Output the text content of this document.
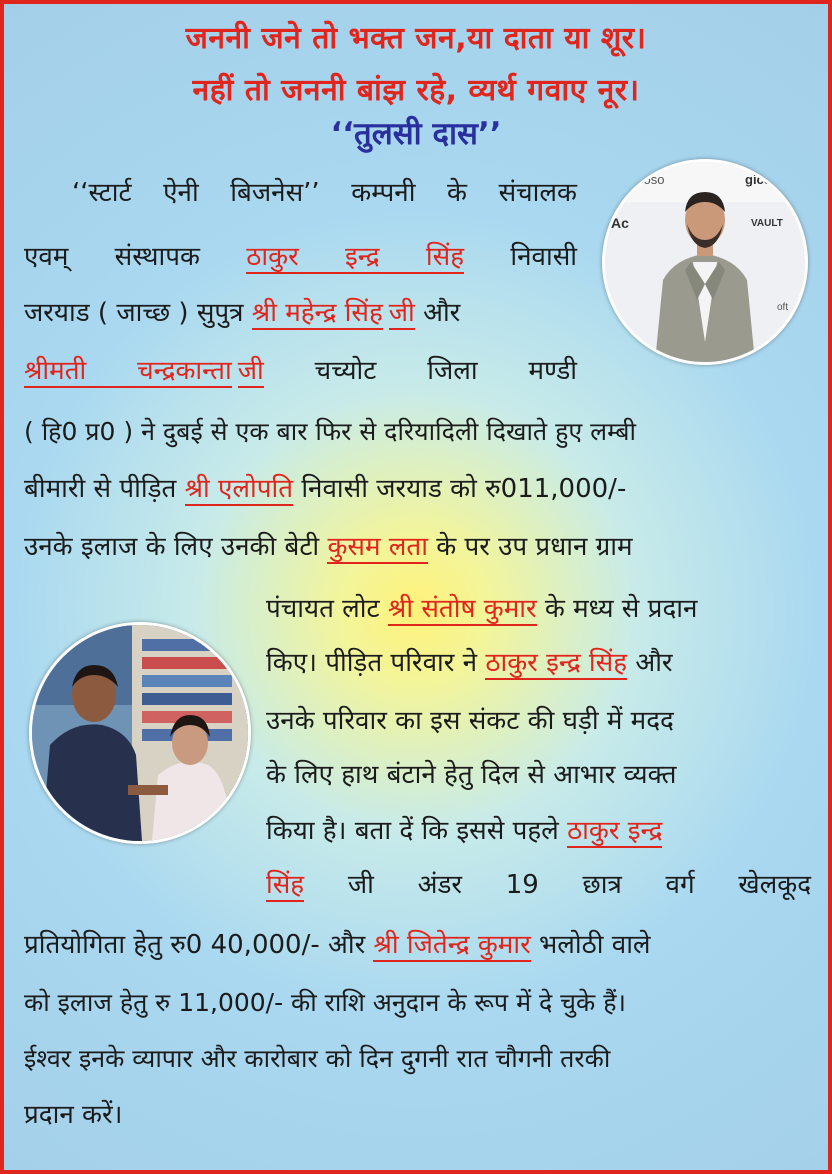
जननी जने तो भक्त जन,या दाता या शूर।
नहीं तो जननी बांझ रहे, व्यर्थ गवाए नूर।
‘‘तुलसी दास’’
Microso	gicon
Ac	VAULT
oft
‘‘स्टार्ट ऐनी बिजनेस’’ कम्पनी के संचालक
एवम् संस्थापक ठाकुर इन्द्र सिंह निवासी
जरयाड ( जाच्छ ) सुपुत्र श्री महेन्द्र सिंह जी और
श्रीमती चन्द्रकान्ता जी चच्योट जिला मण्डी
( हि0 प्र0 ) ने दुबई से एक बार फिर से दरियादिली दिखाते हुए लम्बी
बीमारी से पीड़ित श्री एलोपति निवासी जरयाड को रु011,000/-
उनके इलाज के लिए उनकी बेटी कुसम लता के पर उप प्रधान ग्राम
पंचायत लोट श्री संतोष कुमार के मध्य से प्रदान
किए। पीड़ित परिवार ने ठाकुर इन्द्र सिंह और
उनके परिवार का इस संकट की घड़ी में मदद
के लिए हाथ बंटाने हेतु दिल से आभार व्यक्त
किया है। बता दें कि इससे पहले ठाकुर इन्द्र
सिंह जी अंडर 19 छात्र वर्ग खेलकूद
प्रतियोगिता हेतु रु0 40,000/- और श्री जितेन्द्र कुमार भलोठी वाले
को इलाज हेतु रु 11,000/- की राशि अनुदान के रूप में दे चुके हैं।
ईश्वर इनके व्यापार और कारोबार को दिन दुगनी रात चौगनी तरकी
प्रदान करें।
